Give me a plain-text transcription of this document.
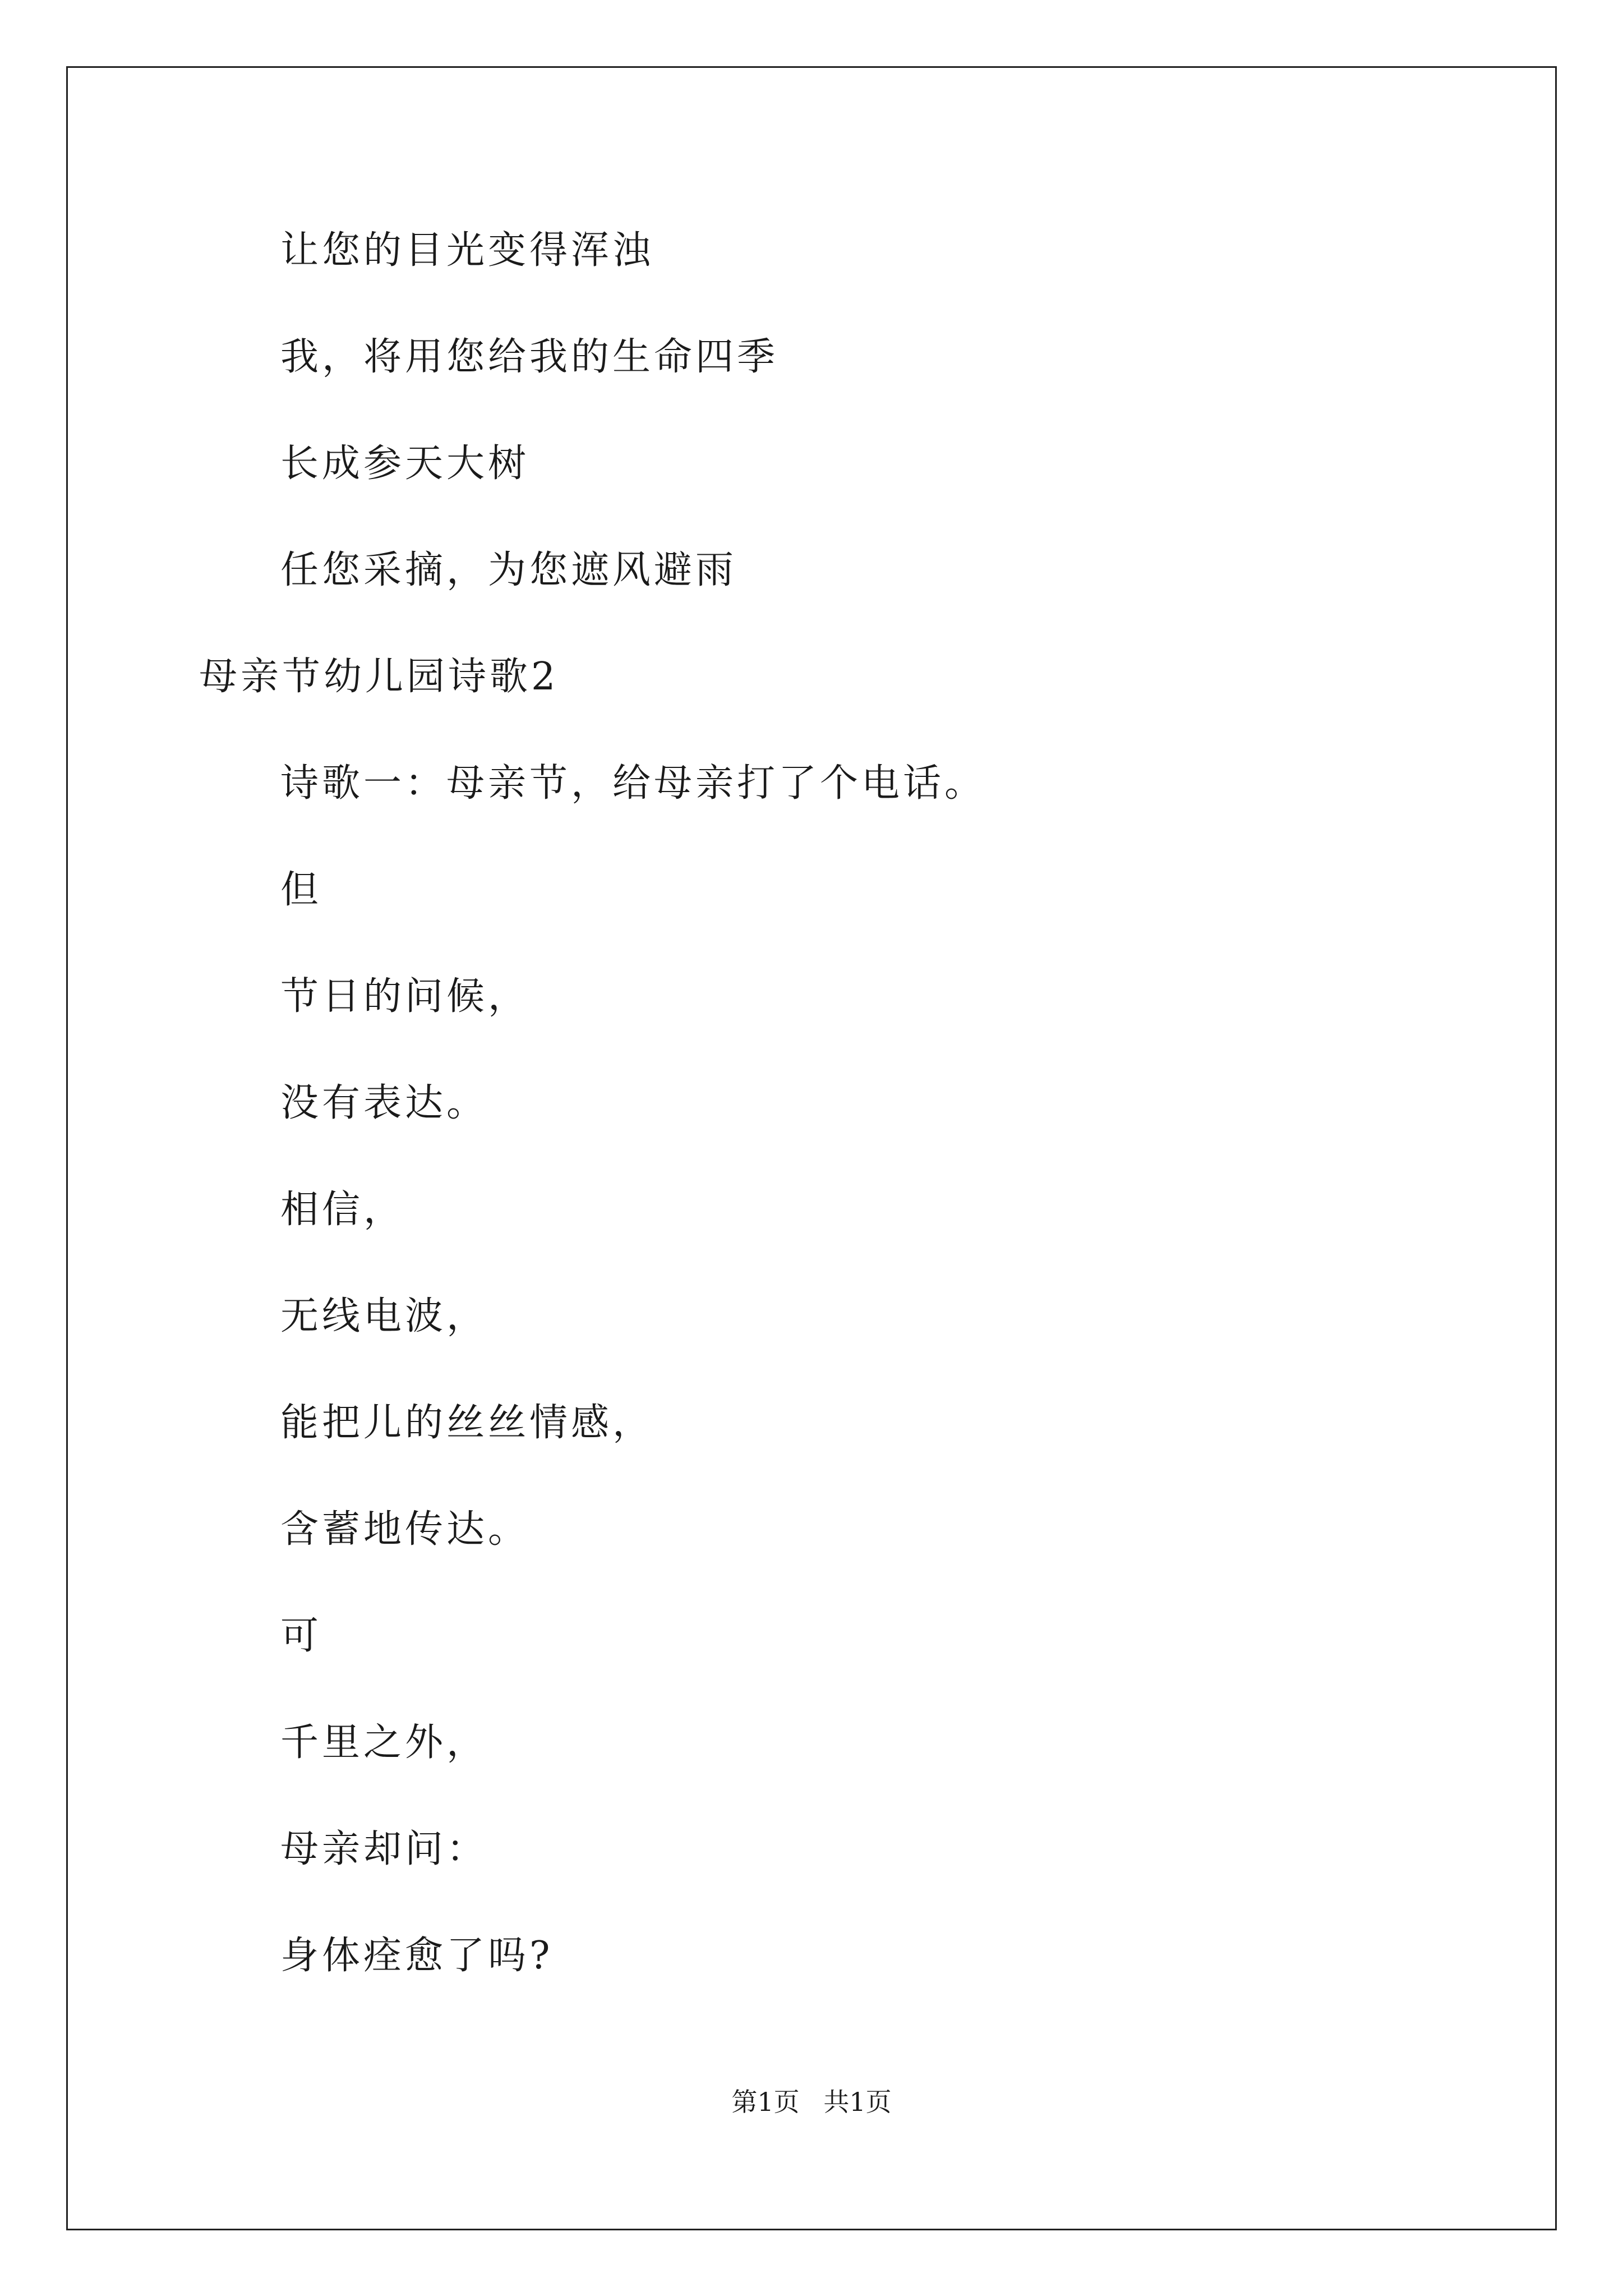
让您的目光变得浑浊
我，将用您给我的生命四季
长成参天大树
任您采摘，为您遮风避雨
母亲节幼儿园诗歌2
诗歌一：母亲节，给母亲打了个电话。
但
节日的问候，
没有表达。
相信，
无线电波，
能把儿的丝丝情感，
含蓄地传达。
可
千里之外，
母亲却问：
身体痊愈了吗?
第1页 共1页
